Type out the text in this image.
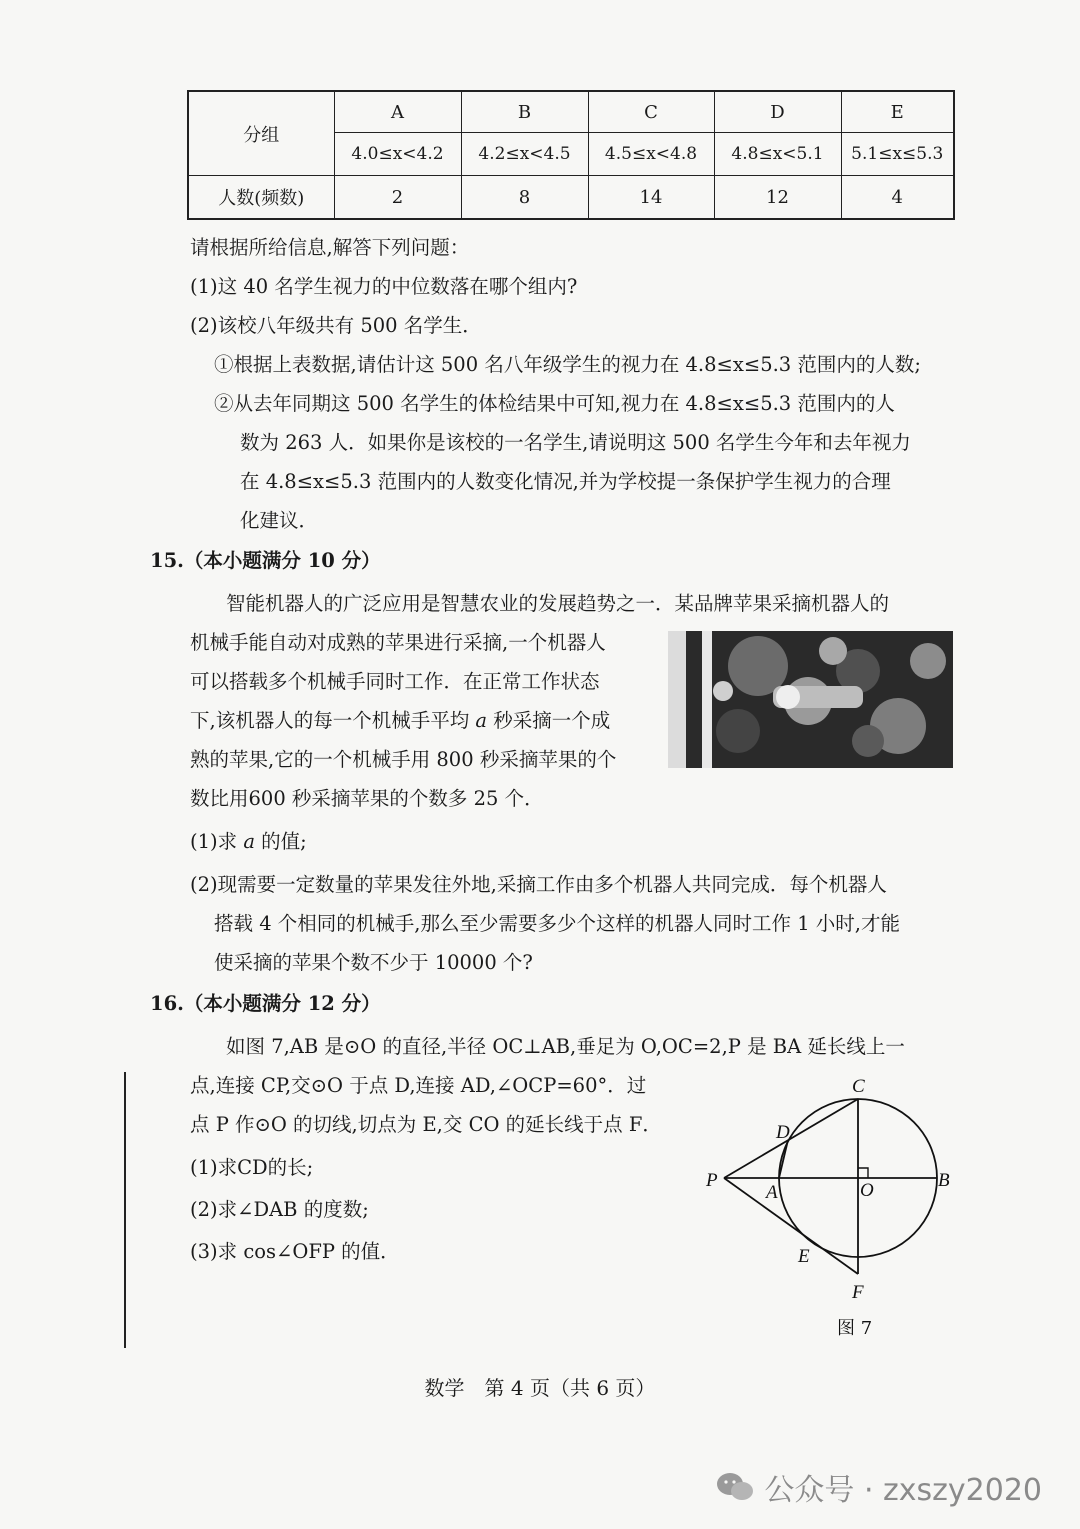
分组	A	B	C	D	E
	4.0≤x<4.2	4.2≤x<4.5	4.5≤x<4.8	4.8≤x<5.1	5.1≤x≤5.3
人数(频数)	2	8	14	12	4
请根据所给信息,解答下列问题：
(1)这 40 名学生视力的中位数落在哪个组内?
(2)该校八年级共有 500 名学生．
①根据上表数据,请估计这 500 名八年级学生的视力在 4.8≤x≤5.3 范围内的人数;
②从去年同期这 500 名学生的体检结果中可知,视力在 4.8≤x≤5.3 范围内的人
数为 263 人．如果你是该校的一名学生,请说明这 500 名学生今年和去年视力
在 4.8≤x≤5.3 范围内的人数变化情况,并为学校提一条保护学生视力的合理
化建议．
15.（本小题满分 10 分）
智能机器人的广泛应用是智慧农业的发展趋势之一．某品牌苹果采摘机器人的
机械手能自动对成熟的苹果进行采摘,一个机器人
可以搭载多个机械手同时工作．在正常工作状态
下,该机器人的每一个机械手平均 a 秒采摘一个成
熟的苹果,它的一个机械手用 800 秒采摘苹果的个
数比用600 秒采摘苹果的个数多 25 个．
(1)求 a 的值;
(2)现需要一定数量的苹果发往外地,采摘工作由多个机器人共同完成．每个机器人
搭载 4 个相同的机械手,那么至少需要多少个这样的机器人同时工作 1 小时,才能
使采摘的苹果个数不少于 10000 个?
16.（本小题满分 12 分）
如图 7,AB 是⊙O 的直径,半径 OC⊥AB,垂足为 O,OC=2,P 是 BA 延长线上一
点,连接 CP,交⊙O 于点 D,连接 AD,∠OCP=60°．过
点 P 作⊙O 的切线,切点为 E,交 CO 的延长线于点 F．
(1)求CD的长;
(2)求∠DAB 的度数;
(3)求 cos∠OFP 的值．
C
D
P
A	O	B
E
F
图 7
数学　第 4 页（共 6 页）
公众号 · zxszy2020
